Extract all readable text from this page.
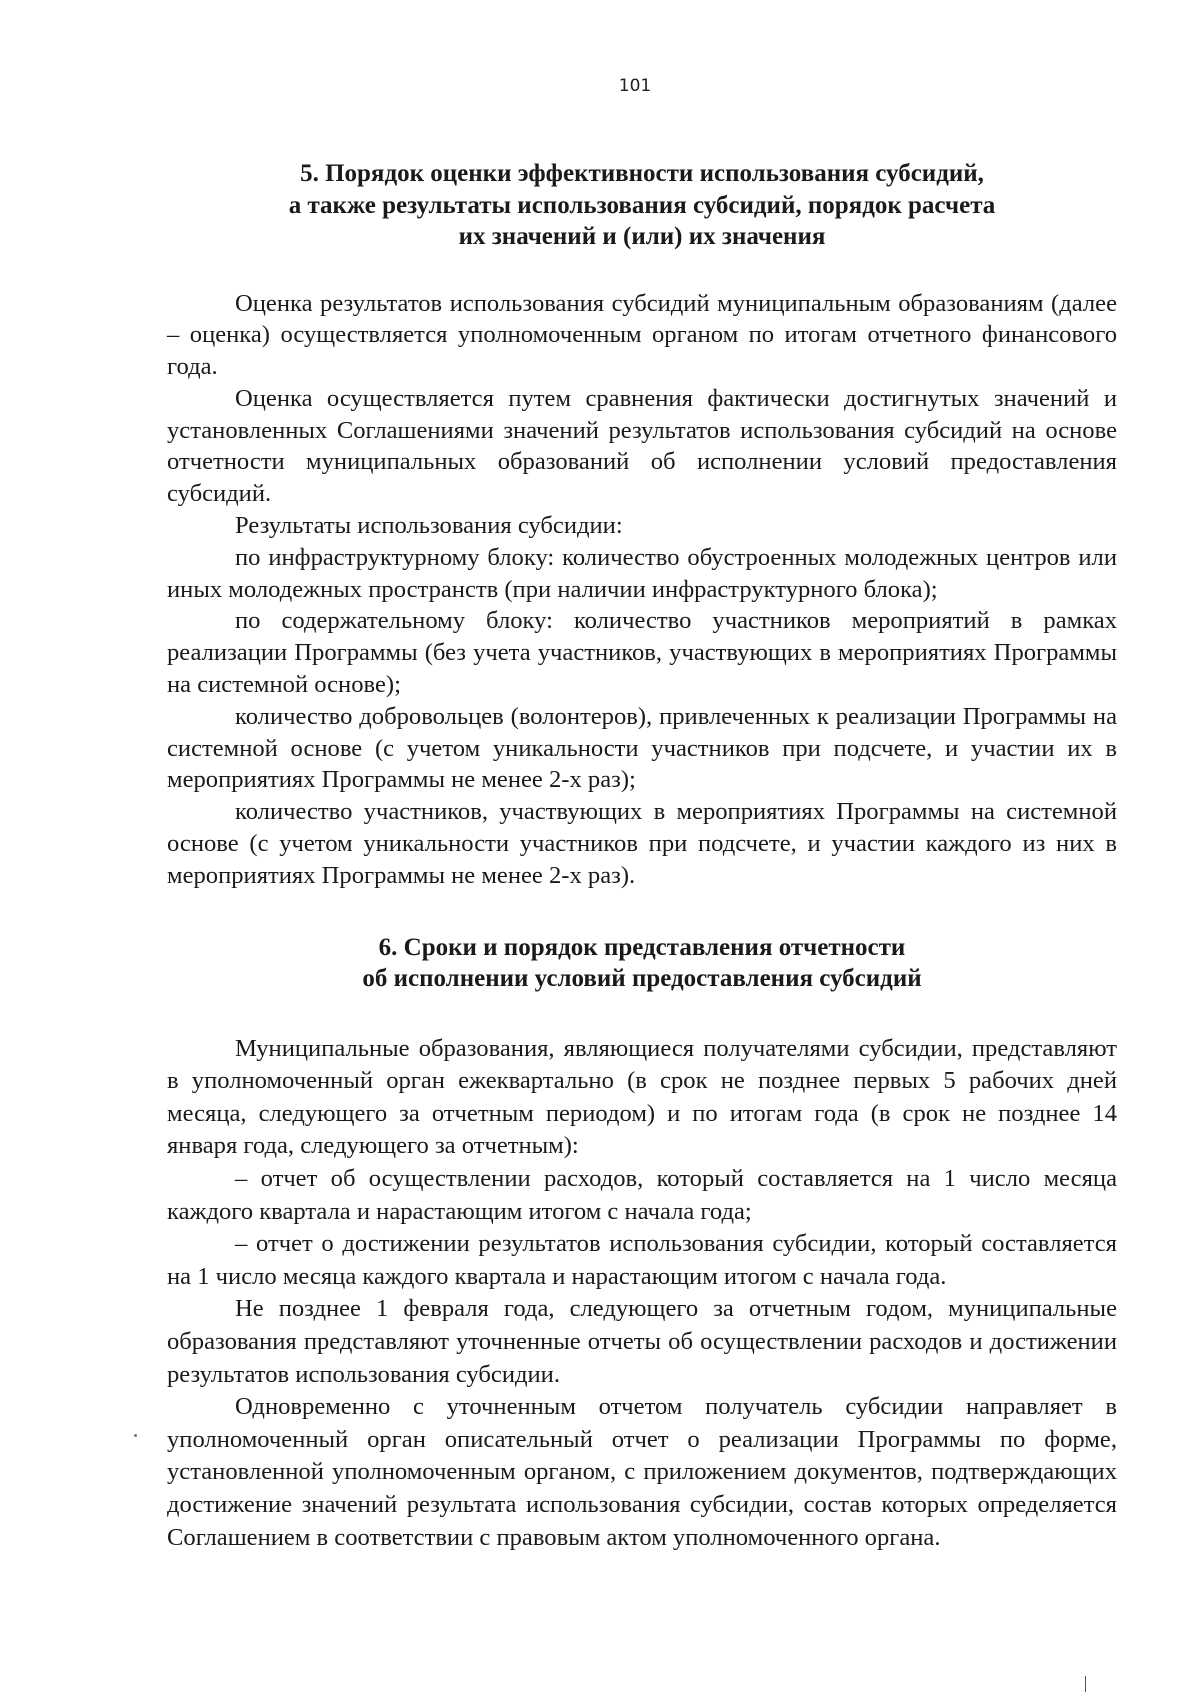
101
5. Порядок оценки эффективности использования субсидий,
а также результаты использования субсидий, порядок расчета
их значений и (или) их значения

Оценка результатов использования субсидий муниципальным образованиям (далее – оценка) осуществляется уполномоченным органом по итогам отчетного финансового года.

Оценка осуществляется путем сравнения фактически достигнутых значений и установленных Соглашениями значений результатов использования субсидий на основе отчетности муниципальных образований об исполнении условий предоставления субсидий.

Результаты использования субсидии:

по инфраструктурному блоку: количество обустроенных молодежных центров или иных молодежных пространств (при наличии инфраструктурного блока);

по содержательному блоку: количество участников мероприятий в рамках реализации Программы (без учета участников, участвующих в мероприятиях Программы на системной основе);

количество добровольцев (волонтеров), привлеченных к реализации Программы на системной основе (с учетом уникальности участников при подсчете, и участии их в мероприятиях Программы не менее 2-х раз);

количество участников, участвующих в мероприятиях Программы на системной основе (с учетом уникальности участников при подсчете, и участии каждого из них в мероприятиях Программы не менее 2-х раз).

6. Сроки и порядок представления отчетности
об исполнении условий предоставления субсидий

Муниципальные образования, являющиеся получателями субсидии, представляют в уполномоченный орган ежеквартально (в срок не позднее первых 5 рабочих дней месяца, следующего за отчетным периодом) и по итогам года (в срок не позднее 14 января года, следующего за отчетным):

– отчет об осуществлении расходов, который составляется на 1 число месяца каждого квартала и нарастающим итогом с начала года;

– отчет о достижении результатов использования субсидии, который составляется на 1 число месяца каждого квартала и нарастающим итогом с начала года.

Не позднее 1 февраля года, следующего за отчетным годом, муниципальные образования представляют уточненные отчеты об осуществлении расходов и достижении результатов использования субсидии.

Одновременно с уточненным отчетом получатель субсидии направляет в уполномоченный орган описательный отчет о реализации Программы по форме, установленной уполномоченным органом, с приложением документов, подтверждающих достижение значений результата использования субсидии, состав которых определяется Соглашением в соответствии с правовым актом уполномоченного органа.
